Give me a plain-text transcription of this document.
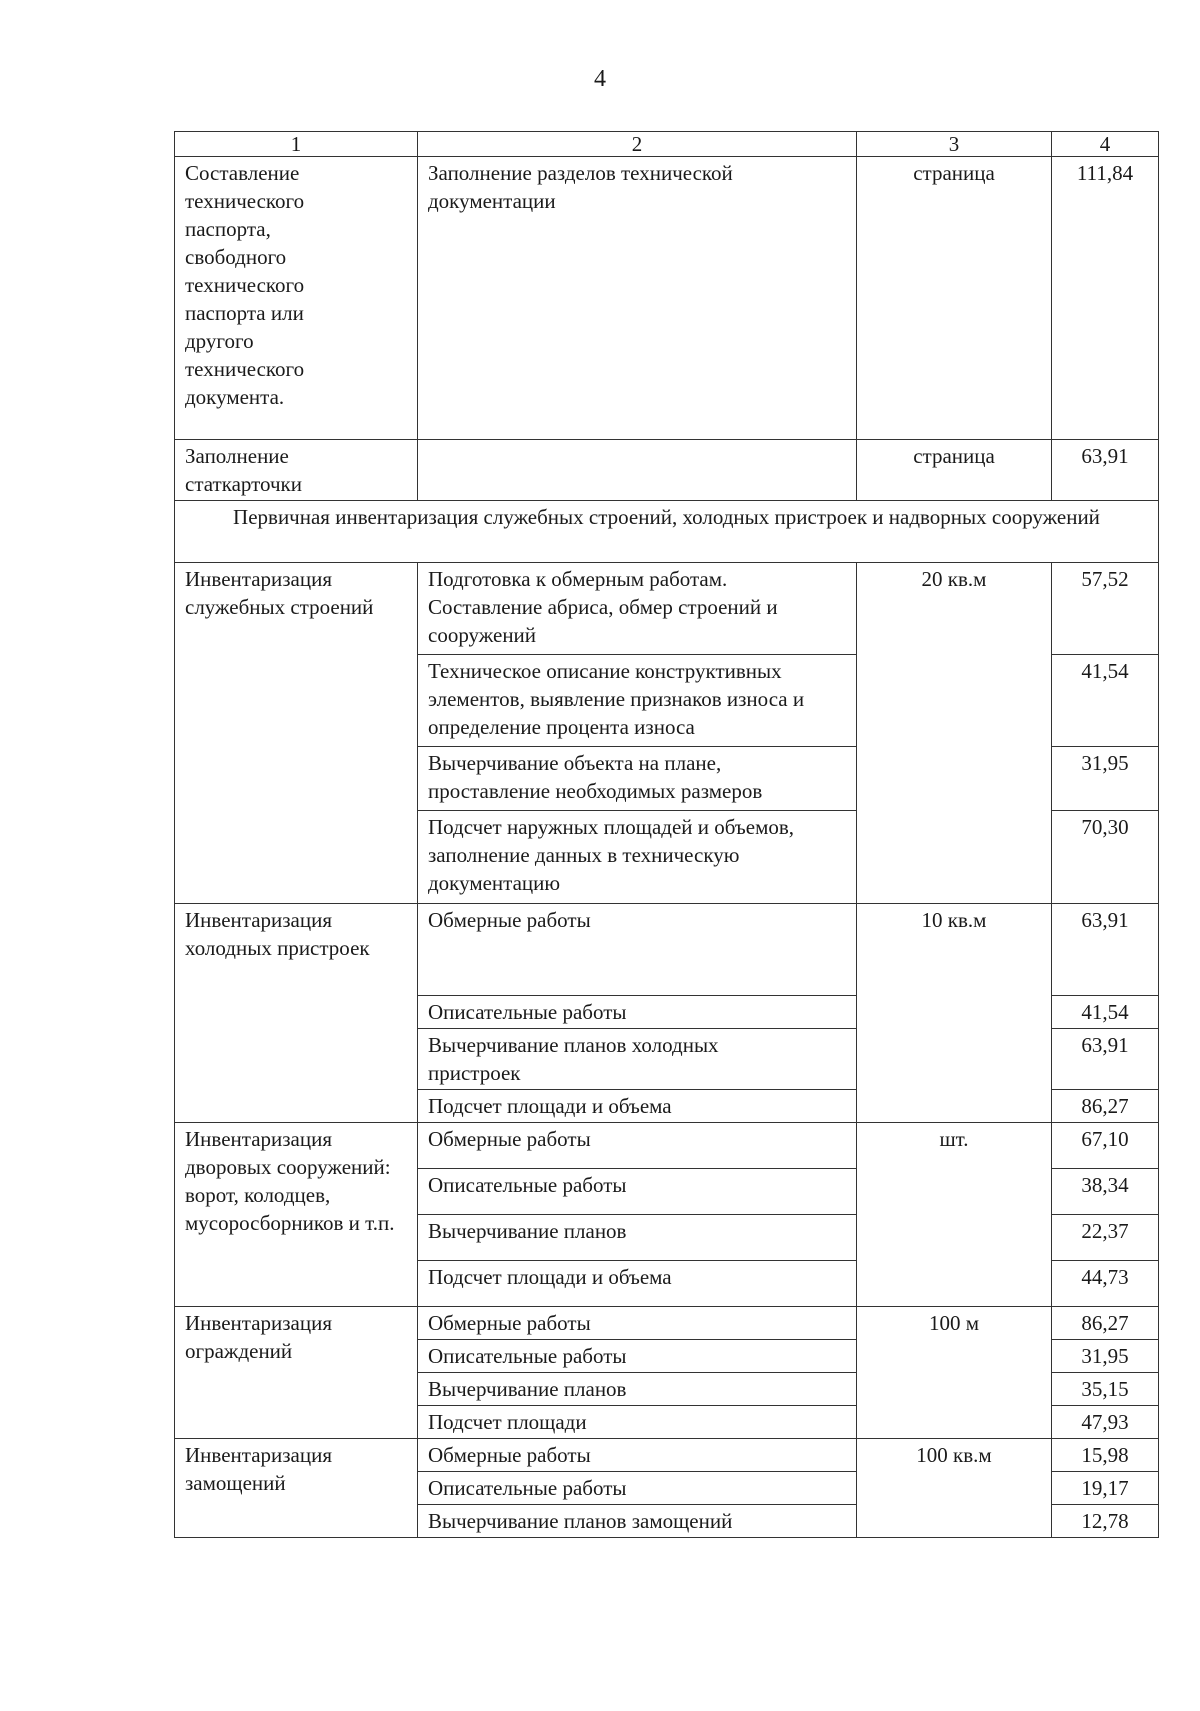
4
1	2	3	4
Составление технического паспорта, свободного технического паспорта или другого технического документа.	Заполнение разделов технической документации	страница	111,84
Заполнение статкарточки		страница	63,91
Первичная инвентаризация служебных строений, холодных пристроек и надворных сооружений			
Инвентаризация служебных строений	Подготовка к обмерным работам. Составление абриса, обмер строений и сооружений	20 кв.м	57,52
	Техническое описание конструктивных элементов, выявление признаков износа и определение процента износа		41,54
	Вычерчивание объекта на плане, проставление необходимых размеров		31,95
	Подсчет наружных площадей и объемов, заполнение данных в техническую документацию		70,30
Инвентаризация холодных пристроек	Обмерные работы	10 кв.м	63,91
	Описательные работы		41,54
	Вычерчивание планов холодных пристроек		63,91
	Подсчет площади и объема		86,27
Инвентаризация дворовых сооружений: ворот, колодцев, мусоросборников и т.п.	Обмерные работы	шт.	67,10
	Описательные работы		38,34
	Вычерчивание планов		22,37
	Подсчет площади и объема		44,73
Инвентаризация ограждений	Обмерные работы	100 м	86,27
	Описательные работы		31,95
	Вычерчивание планов		35,15
	Подсчет площади		47,93
Инвентаризация замощений	Обмерные работы	100 кв.м	15,98
	Описательные работы		19,17
	Вычерчивание планов замощений		12,78
